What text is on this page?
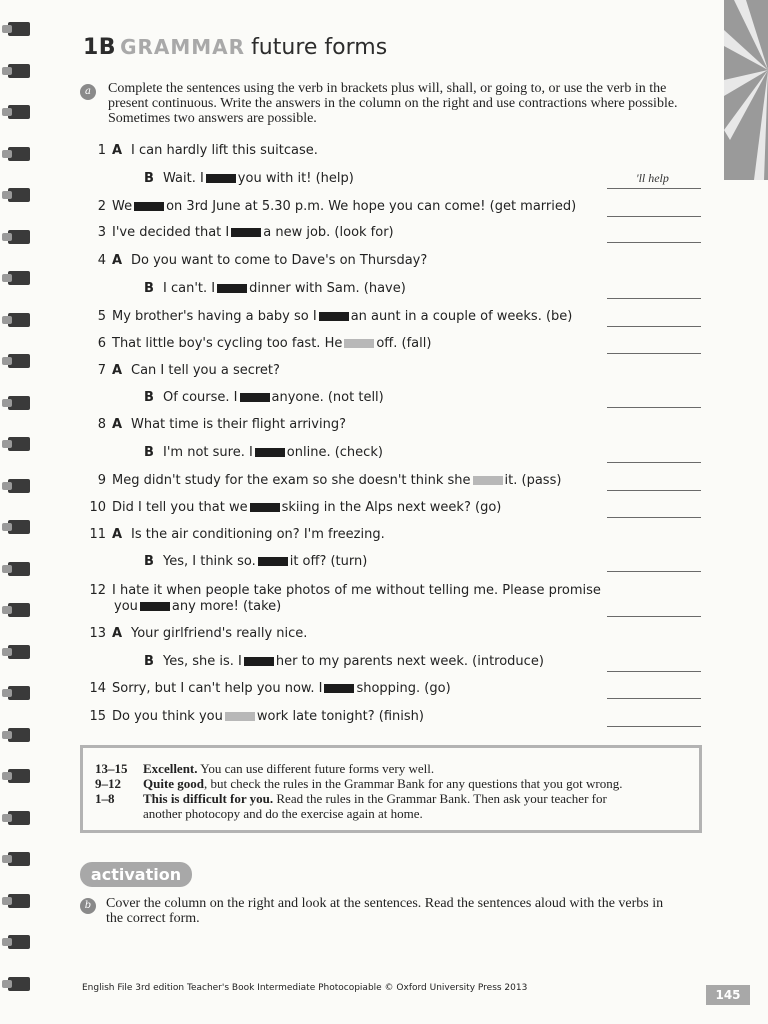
1B GRAMMAR future forms
a	Complete the sentences using the verb in brackets plus will, shall, or going to, or use the verb in the present continuous. Write the answers in the column on the right and use contractions where possible. Sometimes two answers are possible.
1 A I can hardly lift this suitcase.
B Wait. I	you with it! (help)
2 We	on 3rd June at 5.30 p.m. We hope you can come! (get married)
3 I've decided that I	a new job. (look for)
4 A Do you want to come to Dave's on Thursday?
B I can't. I	dinner with Sam. (have)
5 My brother's having a baby so I	an aunt in a couple of weeks. (be)
6 That little boy's cycling too fast. He	off. (fall)
7 A Can I tell you a secret?
B Of course. I	anyone. (not tell)
8 A What time is their flight arriving?
B I'm not sure. I	online. (check)
9 Meg didn't study for the exam so she doesn't think she	it. (pass)
10 Did I tell you that we	skiing in the Alps next week? (go)
11 A Is the air conditioning on? I'm freezing.
B Yes, I think so.	it off? (turn)
12 I hate it when people take photos of me without telling me. Please promise
you	any more! (take)
13 A Your girlfriend's really nice.
B Yes, she is. I	her to my parents next week. (introduce)
14 Sorry, but I can't help you now. I	shopping. (go)
15 Do you think you	work late tonight? (finish)
'll help
13–15 Excellent. You can use different future forms very well.
9–12 Quite good, but check the rules in the Grammar Bank for any questions that you got wrong.
1–8 This is difficult for you. Read the rules in the Grammar Bank. Then ask your teacher for
another photocopy and do the exercise again at home.
activation
b	Cover the column on the right and look at the sentences. Read the sentences aloud with the verbs in the correct form.
English File 3rd edition Teacher's Book Intermediate Photocopiable © Oxford University Press 2013	145
